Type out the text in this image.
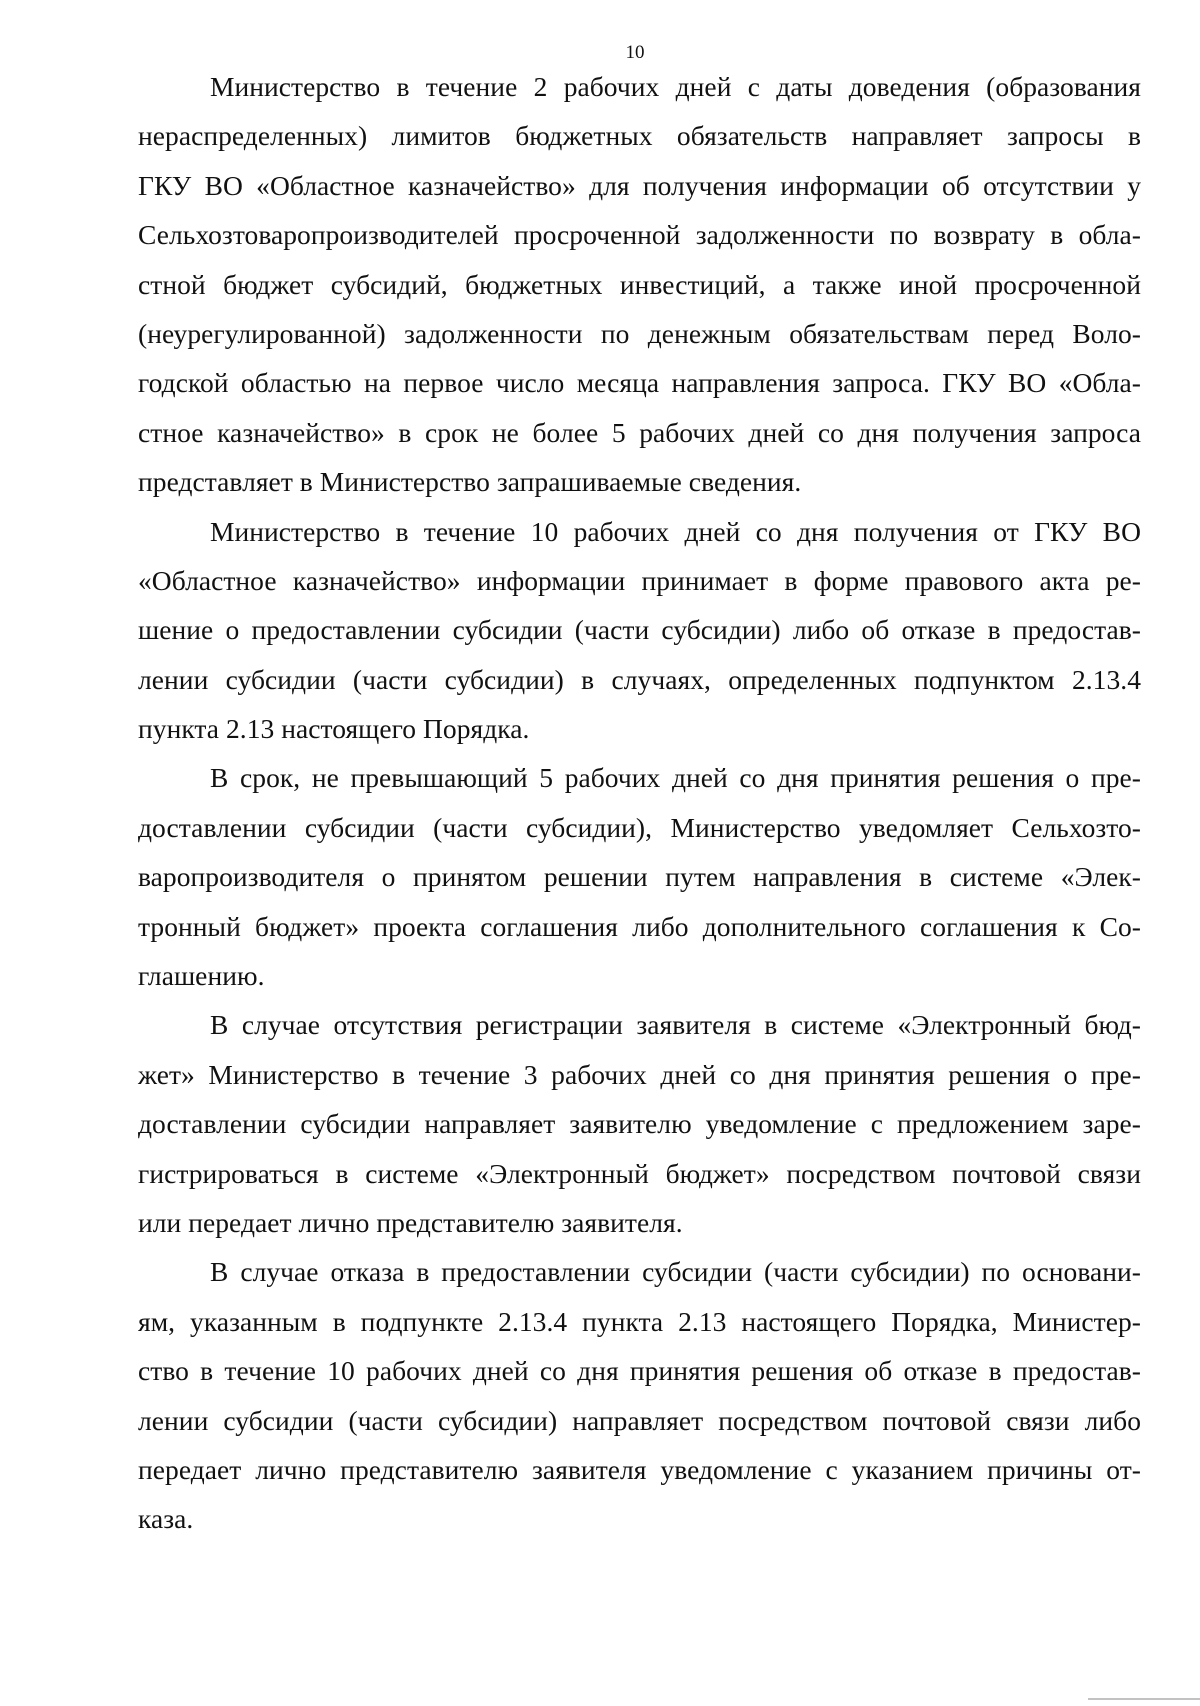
10
Министерство в течение 2 рабочих дней с даты доведения (образования
нераспределенных) лимитов бюджетных обязательств направляет запросы в
ГКУ ВО «Областное казначейство» для получения информации об отсутствии у
Сельхозтоваропроизводителей просроченной задолженности по возврату в обла-
стной бюджет субсидий, бюджетных инвестиций, а также иной просроченной
(неурегулированной) задолженности по денежным обязательствам перед Воло-
годской областью на первое число месяца направления запроса. ГКУ ВО «Обла-
стное казначейство» в срок не более 5 рабочих дней со дня получения запроса
представляет в Министерство запрашиваемые сведения.
Министерство в течение 10 рабочих дней со дня получения от ГКУ ВО
«Областное казначейство» информации принимает в форме правового акта ре-
шение о предоставлении субсидии (части субсидии) либо об отказе в предостав-
лении субсидии (части субсидии) в случаях, определенных подпунктом 2.13.4
пункта 2.13 настоящего Порядка.
В срок, не превышающий 5 рабочих дней со дня принятия решения о пре-
доставлении субсидии (части субсидии), Министерство уведомляет Сельхозто-
варопроизводителя о принятом решении путем направления в системе «Элек-
тронный бюджет» проекта соглашения либо дополнительного соглашения к Со-
глашению.
В случае отсутствия регистрации заявителя в системе «Электронный бюд-
жет» Министерство в течение 3 рабочих дней со дня принятия решения о пре-
доставлении субсидии направляет заявителю уведомление с предложением заре-
гистрироваться в системе «Электронный бюджет» посредством почтовой связи
или передает лично представителю заявителя.
В случае отказа в предоставлении субсидии (части субсидии) по основани-
ям, указанным в подпункте 2.13.4 пункта 2.13 настоящего Порядка, Министер-
ство в течение 10 рабочих дней со дня принятия решения об отказе в предостав-
лении субсидии (части субсидии) направляет посредством почтовой связи либо
передает лично представителю заявителя уведомление с указанием причины от-
каза.
